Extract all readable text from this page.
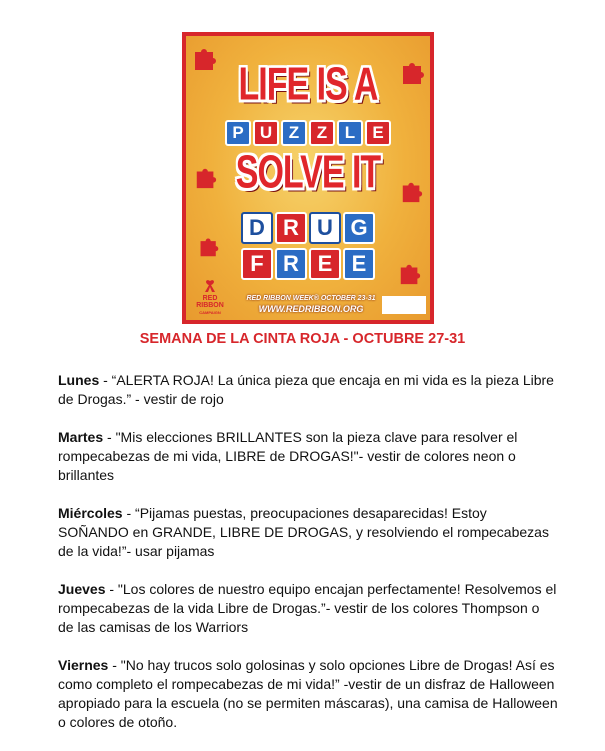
LIFE IS A
P U Z	Z	L	E
SOLVE IT
D R U G
F R E E
RED
RIBBON
CAMPAIGN
RED RIBBON WEEK® OCTOBER 23-31
WWW.REDRIBBON.ORG
SEMANA DE LA CINTA ROJA - OCTUBRE 27-31

Lunes - “ALERTA ROJA! La única pieza que encaja en mi vida es la pieza Libre de Drogas.” - vestir de rojo

Martes - "Mis elecciones BRILLANTES son la pieza clave para resolver el rompecabezas de mi vida, LIBRE de DROGAS!"- vestir de colores neon o brillantes

Miércoles - “Pijamas puestas, preocupaciones desaparecidas! Estoy SOÑANDO en GRANDE, LIBRE DE DROGAS, y resolviendo el rompecabezas de la vida!”- usar pijamas

Jueves - "Los colores de nuestro equipo encajan perfectamente! Resolvemos el rompecabezas de la vida Libre de Drogas.”- vestir de los colores Thompson o de las camisas de los Warriors

Viernes - "No hay trucos solo golosinas y solo opciones Libre de Drogas! Así es como completo el rompecabezas de mi vida!” -vestir de un disfraz de Halloween apropiado para la escuela (no se permiten máscaras), una camisa de Halloween o colores de otoño.
